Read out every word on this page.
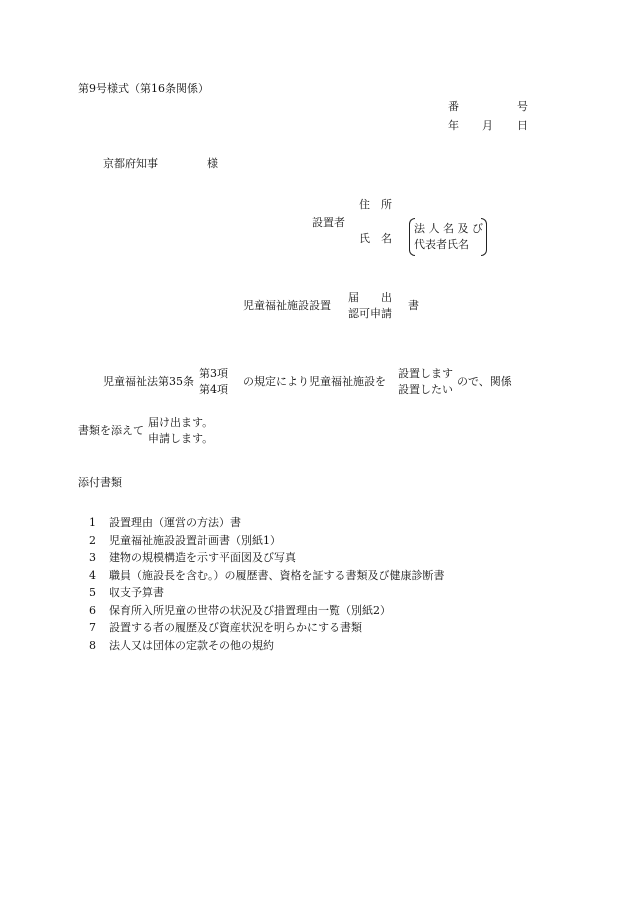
第9号様式（第16条関係）
番	号
年 月 日
京都府知事	様
設置者
住　所
氏　名
法 人 名 及 び
代表者氏名
児童福祉施設設置
届　　出
認可申請
書
児童福祉法第35条
第3項
第4項
の規定により児童福祉施設を
設置します
設置したい
ので、関係
書類を添えて
届け出ます。
申請します。
添付書類
1 設置理由（運営の方法）書
2 児童福祉施設設置計画書（別紙1）
3 建物の規模構造を示す平面図及び写真
4 職員（施設長を含む。）の履歴書、資格を証する書類及び健康診断書
5 収支予算書
6 保育所入所児童の世帯の状況及び措置理由一覧（別紙2）
7 設置する者の履歴及び資産状況を明らかにする書類
8 法人又は団体の定款その他の規約
